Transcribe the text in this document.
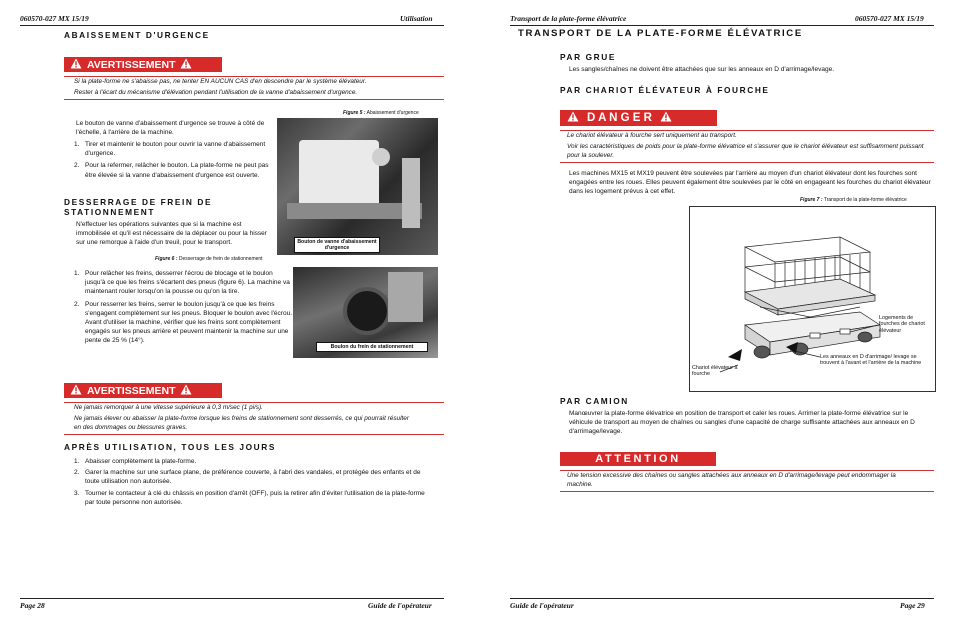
060570-027 MX 15/19	Utilisation
ABAISSEMENT D'URGENCE
AVERTISSEMENT
Si la plate-forme ne s'abaisse pas, ne tenter EN AUCUN CAS d'en descendre par le système élévateur.
Rester à l'écart du mécanisme d'élévation pendant l'utilisation de la vanne d'abaissement d'urgence.
Figure 5 : Abaissement d'urgence
Bouton de vanne d'abaissement d'urgence
Le bouton de vanne d'abaissement d'urgence se trouve à côté de l'échelle, à l'arrière de la machine.
1. Tirer et maintenir le bouton pour ouvrir la vanne d'abaissement d'urgence.
2. Pour la refermer, relâcher le bouton. La plate-forme ne peut pas être élevée si la vanne d'abaissement d'urgence est ouverte.
DESSERRAGE DE FREIN DE STATIONNEMENT
N'effectuer les opérations suivantes que si la machine est immobilisée et qu'il est nécessaire de la déplacer ou pour la hisser sur une remorque à l'aide d'un treuil, pour le transport.
Figure 6 : Desserrage de frein de stationnement
Boulon du frein de stationnement
1. Pour relâcher les freins, desserrer l'écrou de blocage et le boulon jusqu'à ce que les freins s'écartent des pneus (figure 6). La machine va maintenant rouler lorsqu'on la pousse ou qu'on la tire.
2. Pour resserrer les freins, serrer le boulon jusqu'à ce que les freins s'engagent complètement sur les pneus. Bloquer le boulon avec l'écrou. Avant d'utiliser la machine, vérifier que les freins sont complètement engagés sur les pneus arrière et peuvent maintenir la machine sur une pente de 25 % (14°).
AVERTISSEMENT
Ne jamais remorquer à une vitesse supérieure à 0,3 m/sec (1 pi/s).
Ne jamais élever ou abaisser la plate-forme lorsque les freins de stationnement sont desserrés, ce qui pourrait résulter en des dommages ou blessures graves.
APRÈS UTILISATION, TOUS LES JOURS
1. Abaisser complètement la plate-forme.
2. Garer la machine sur une surface plane, de préférence couverte, à l'abri des vandales, et protégée des enfants et de toute utilisation non autorisée.
3. Tourner le contacteur à clé du châssis en position d'arrêt (OFF), puis la retirer afin d'éviter l'utilisation de la plate-forme par toute personne non autorisée.
Page 28	Guide de l'opérateur
Transport de la plate-forme élévatrice	060570-027 MX 15/19
TRANSPORT DE LA PLATE-FORME ÉLÉVATRICE
PAR GRUE
Les sangles/chaînes ne doivent être attachées que sur les anneaux en D d'arrimage/levage.
PAR CHARIOT ÉLÉVATEUR À FOURCHE
D A N G E R
Le chariot élévateur à fourche sert uniquement au transport.
Voir les caractéristiques de poids pour la plate-forme élévatrice et s'assurer que le chariot élévateur est suffisamment puissant pour la soulever.
Les machines MX15 et MX19 peuvent être soulevées par l'arrière au moyen d'un chariot élévateur dont les fourches sont engagées entre les roues. Elles peuvent également être soulevées par le côté en engageant les fourches du chariot élévateur dans les logement prévus à cet effet.
Figure 7 : Transport de la plate-forme élévatrice
Logements de fourches de chariot élévateur
Les anneaux en D d'arrimage/ levage se trouvent à l'avant et l'arrière de la machine
Chariot élévateur à fourche
PAR CAMION
Manœuvrer la plate-forme élévatrice en position de transport et caler les roues. Arrimer la plate-forme élévatrice sur le véhicule de transport au moyen de chaînes ou sangles d'une capacité de charge suffisante attachées aux anneaux en D d'arrimage/levage.
ATTENTION
Une tension excessive des chaînes ou sangles attachées aux anneaux en D d'arrimage/levage peut endommager la machine.
Guide de l'opérateur	Page 29
